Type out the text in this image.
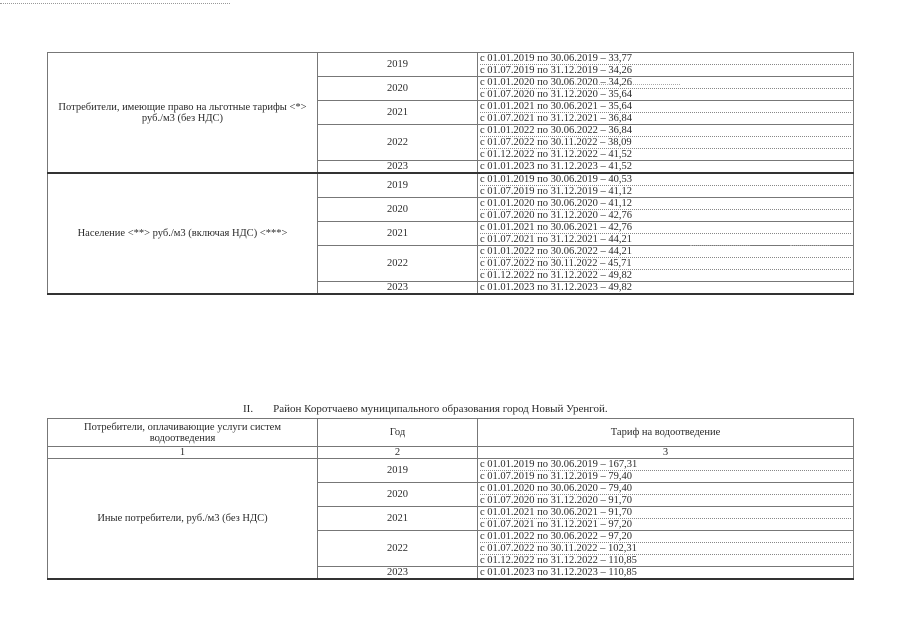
Потребители, имеющие право на льготные тарифы <*> руб./м3 (без НДС)	2019	с 01.01.2019 по 30.06.2019 – 33,77
с 01.07.2019 по 31.12.2019 – 34,26

	2020	с 01.01.2020 по 30.06.2020 – 34,26
с 01.07.2020 по 31.12.2020 – 35,64

	2021	с 01.01.2021 по 30.06.2021 – 35,64
с 01.07.2021 по 31.12.2021 – 36,84

	2022	с 01.01.2022 по 30.06.2022 – 36,84
с 01.07.2022 по 30.11.2022 – 38,09
с 01.12.2022 по 31.12.2022 – 41,52

	2023	с 01.01.2023 по 31.12.2023 – 41,52

Население <**> руб./м3 (включая НДС) <***>	2019	с 01.01.2019 по 30.06.2019 – 40,53
с 01.07.2019 по 31.12.2019 – 41,12

	2020	с 01.01.2020 по 30.06.2020 – 41,12
с 01.07.2020 по 31.12.2020 – 42,76

	2021	с 01.01.2021 по 30.06.2021 – 42,76
с 01.07.2021 по 31.12.2021 – 44,21

	2022	с 01.01.2022 по 30.06.2022 – 44,21
с 01.07.2022 по 30.11.2022 – 45,71
с 01.12.2022 по 31.12.2022 – 49,82

	2023	с 01.01.2023 по 31.12.2023 – 49,82
II. Район Коротчаево муниципального образования город Новый Уренгой.
Потребители, оплачивающие услуги систем водоотведения	Год	Тариф на водоотведение
1	2	3
Иные потребители, руб./м3 (без НДС)	2019	с 01.01.2019 по 30.06.2019 – 167,31
с 01.07.2019 по 31.12.2019 – 79,40

	2020	с 01.01.2020 по 30.06.2020 – 79,40
с 01.07.2020 по 31.12.2020 – 91,70

	2021	с 01.01.2021 по 30.06.2021 – 91,70
с 01.07.2021 по 31.12.2021 – 97,20

	2022	с 01.01.2022 по 30.06.2022 – 97,20
с 01.07.2022 по 30.11.2022 – 102,31
с 01.12.2022 по 31.12.2022 – 110,85

	2023	с 01.01.2023 по 31.12.2023 – 110,85
